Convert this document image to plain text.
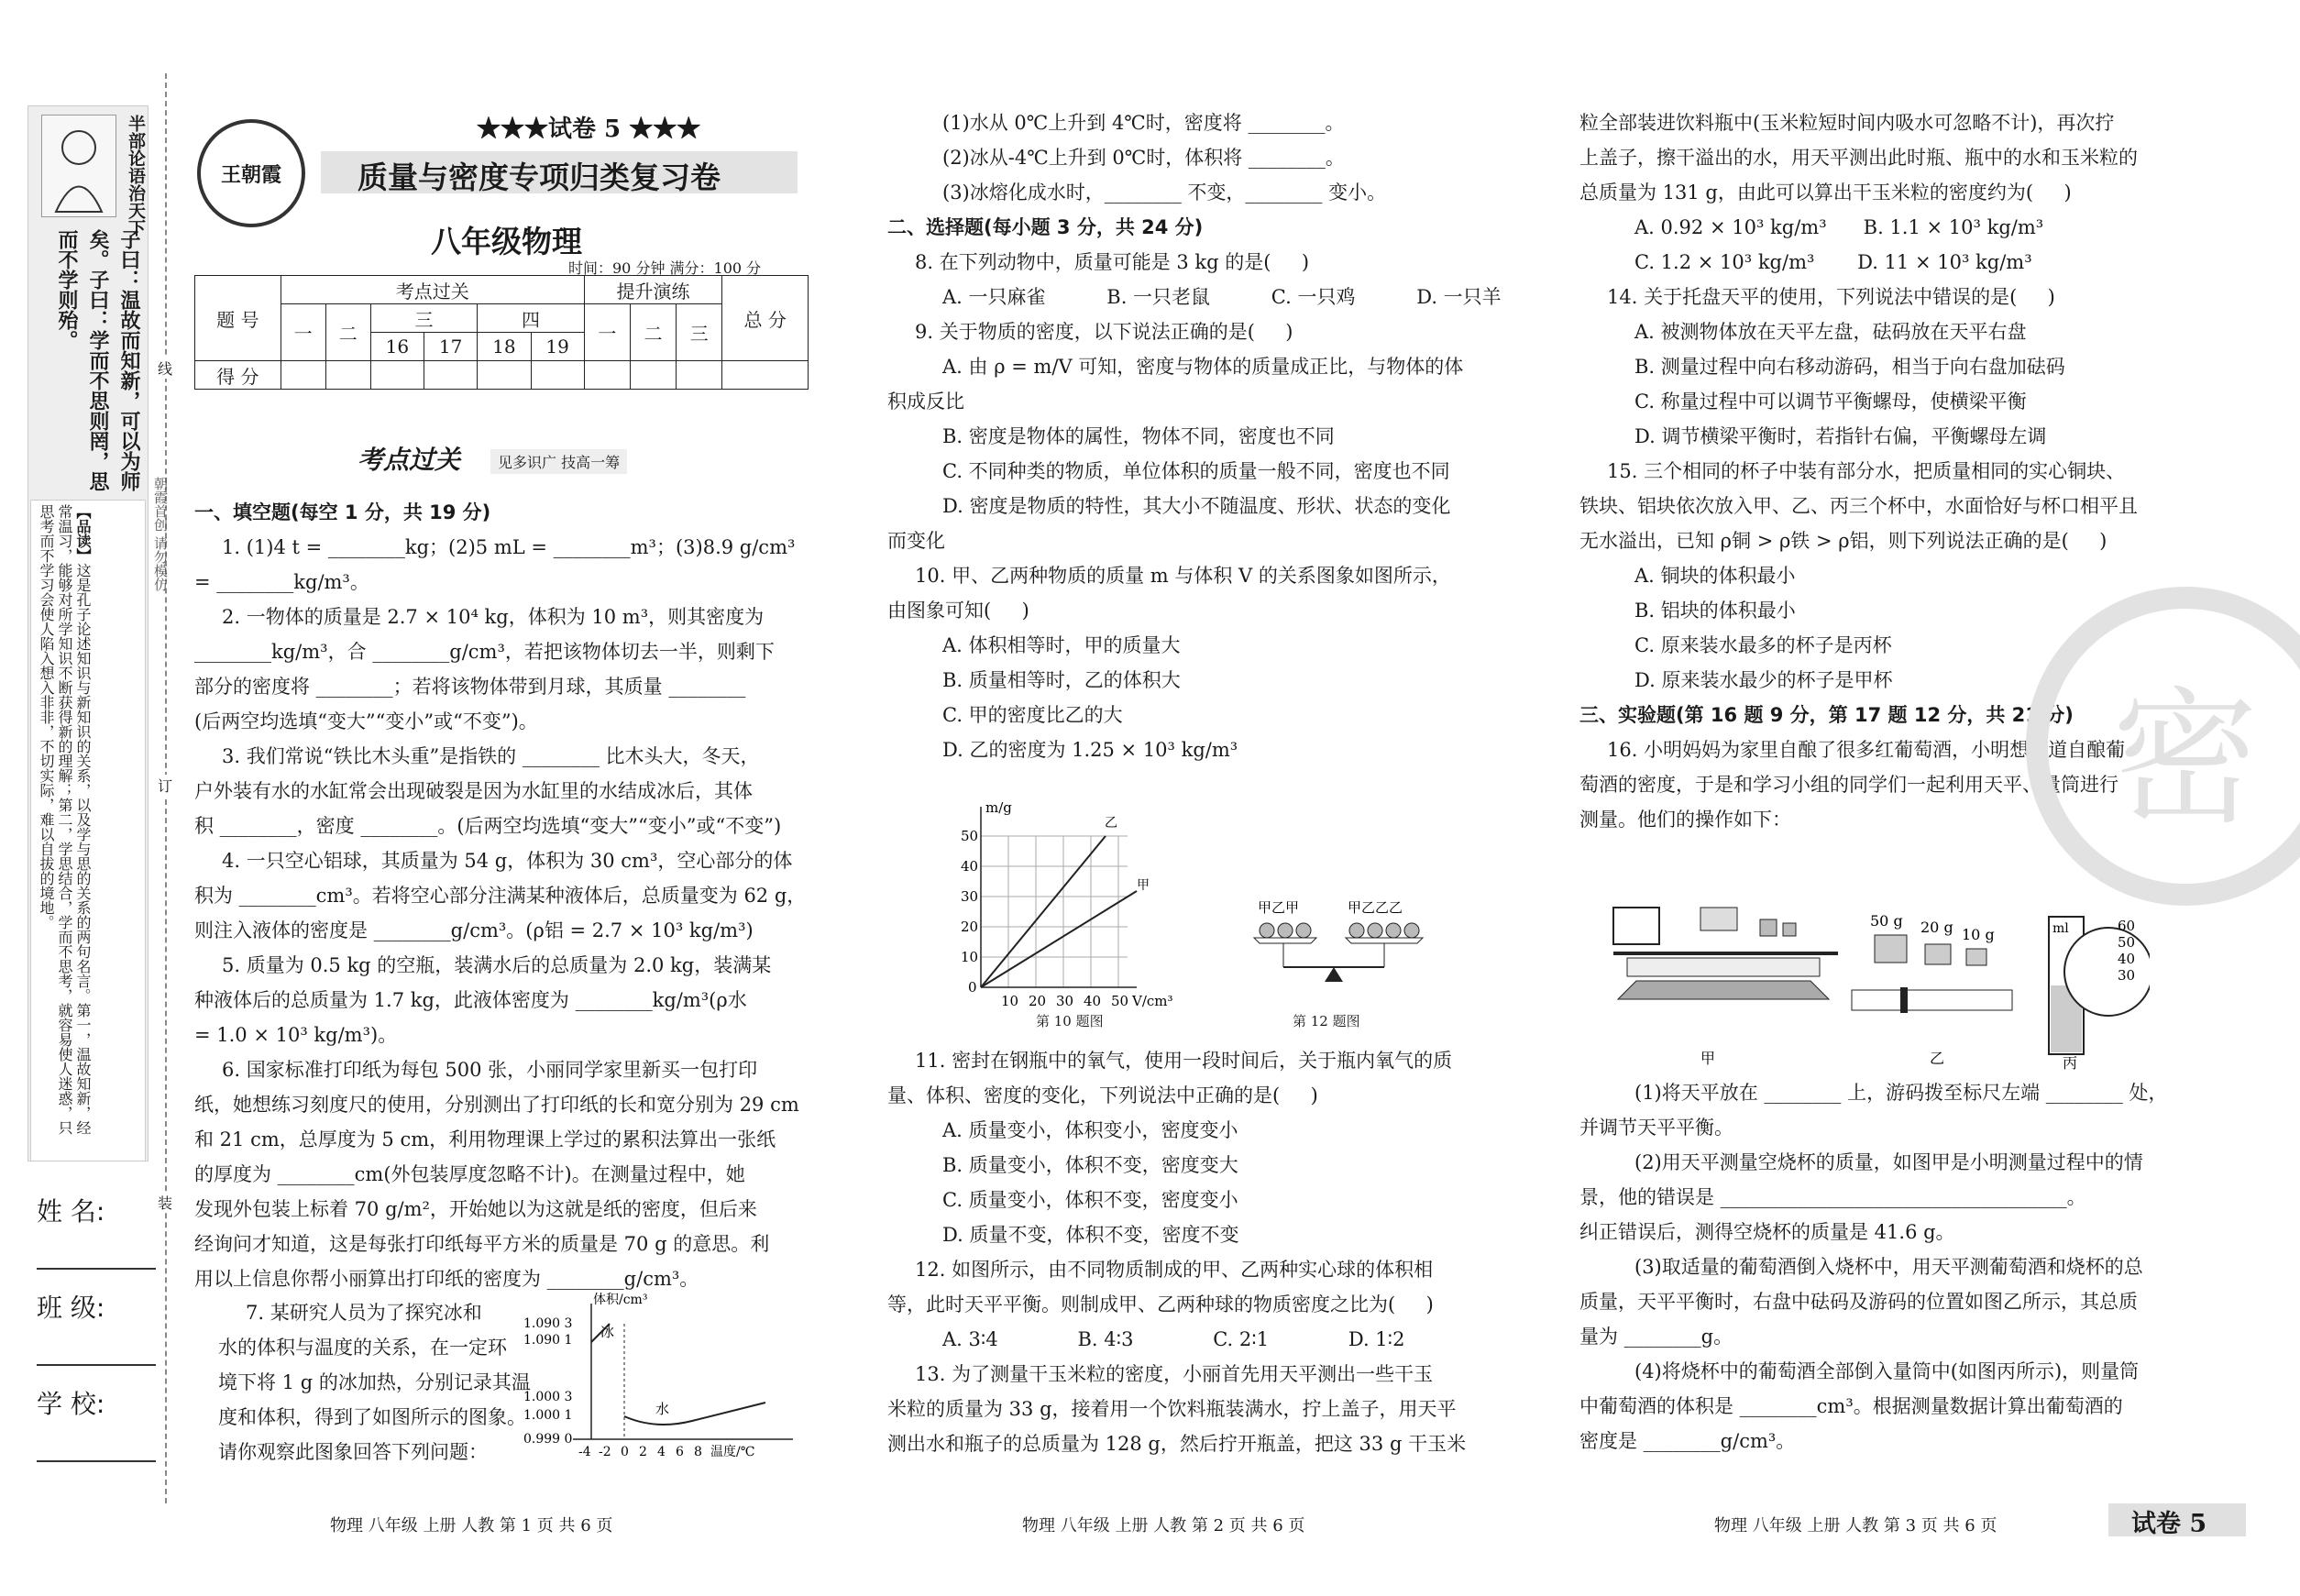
半部论语治天下
子曰：温故而知新，可以为师矣。子曰：学而不思则罔，思而不学则殆。
【品读】这是孔子论述知识与新知识的关系，以及学与思的关系的两句名言。第一，温故知新，经常温习，能够对所学知识不断获得新的理解；第二，学思结合，学而不思考，就容易使人迷惑，只思考而不学习会使人陷入想入非非，不切实际，难以自拔的境地。
姓 名:
班 级:
学 校:
线
订
装
朝霞首创 请勿模仿
王朝霞
★★★试卷 5 ★★★
质量与密度专项归类复习卷
八年级物理
时间：90 分钟 满分：100 分
题 号	考点过关						提升演练			总 分
	一	二	三		四		一	二	三	
			16	17	18	19				
得 分										
考点过关	见多识广 技高一筹

一、填空题(每空 1 分，共 19 分)

1. (1)4 t = ________kg；(2)5 mL = ________m³；(3)8.9 g/cm³

= ________kg/m³。

2. 一物体的质量是 2.7 × 10⁴ kg，体积为 10 m³，则其密度为

________kg/m³，合 ________g/cm³，若把该物体切去一半，则剩下

部分的密度将 ________；若将该物体带到月球，其质量 ________

(后两空均选填“变大”“变小”或“不变”)。

3. 我们常说“铁比木头重”是指铁的 ________ 比木头大，冬天，

户外装有水的水缸常会出现破裂是因为水缸里的水结成冰后，其体

积 ________，密度 ________。(后两空均选填“变大”“变小”或“不变”)

4. 一只空心铝球，其质量为 54 g，体积为 30 cm³，空心部分的体

积为 ________cm³。若将空心部分注满某种液体后，总质量变为 62 g，

则注入液体的密度是 ________g/cm³。(ρ铝 = 2.7 × 10³ kg/m³)

5. 质量为 0.5 kg 的空瓶，装满水后的总质量为 2.0 kg，装满某

种液体后的总质量为 1.7 kg，此液体密度为 ________kg/m³(ρ水

= 1.0 × 10³ kg/m³)。

6. 国家标准打印纸为每包 500 张，小丽同学家里新买一包打印

纸，她想练习刻度尺的使用，分别测出了打印纸的长和宽分别为 29 cm

和 21 cm，总厚度为 5 cm，利用物理课上学过的累积法算出一张纸

的厚度为 ________cm(外包装厚度忽略不计)。在测量过程中，她

发现外包装上标着 70 g/m²，开始她以为这就是纸的密度，但后来

经询问才知道，这是每张打印纸每平方米的质量是 70 g 的意思。利

用以上信息你帮小丽算出打印纸的密度为 ________g/cm³。

7. 某研究人员为了探究冰和

水的体积与温度的关系，在一定环

境下将 1 g 的冰加热，分别记录其温

度和体积，得到了如图所示的图象。

请你观察此图象回答下列问题：

体积/cm³
1.090 3
1.090 1
1.000 3
1.000 1
0.999 0
冰
水
-4 -2 0 2 4 6 8 温度/℃

(1)水从 0℃上升到 4℃时，密度将 ________。

(2)冰从-4℃上升到 0℃时，体积将 ________。

(3)冰熔化成水时，________ 不变，________ 变小。

二、选择题(每小题 3 分，共 24 分)

8. 在下列动物中，质量可能是 3 kg 的是(     )

A. 一只麻雀          B. 一只老鼠          C. 一只鸡          D. 一只羊

9. 关于物质的密度，以下说法正确的是(     )

A. 由 ρ = m/V 可知，密度与物体的质量成正比，与物体的体

积成反比

B. 密度是物体的属性，物体不同，密度也不同

C. 不同种类的物质，单位体积的质量一般不同，密度也不同

D. 密度是物质的特性，其大小不随温度、形状、状态的变化

而变化

10. 甲、乙两种物质的质量 m 与体积 V 的关系图象如图所示，

由图象可知(     )

A. 体积相等时，甲的质量大

B. 质量相等时，乙的体积大

C. 甲的密度比乙的大

D. 乙的密度为 1.25 × 10³ kg/m³

m/g
乙
甲
50
40
30
20
10
0
10 20 30 40 50 V/cm³
第 10 题图
甲乙甲	甲乙乙乙
第 12 题图

11. 密封在钢瓶中的氧气，使用一段时间后，关于瓶内氧气的质

量、体积、密度的变化，下列说法中正确的是(     )

A. 质量变小，体积变小，密度变小

B. 质量变小，体积不变，密度变大

C. 质量变小，体积不变，密度变小

D. 质量不变，体积不变，密度不变

12. 如图所示，由不同物质制成的甲、乙两种实心球的体积相

等，此时天平平衡。则制成甲、乙两种球的物质密度之比为(     )

A. 3∶4             B. 4∶3             C. 2∶1             D. 1∶2

13. 为了测量干玉米粒的密度，小丽首先用天平测出一些干玉

米粒的质量为 33 g，接着用一个饮料瓶装满水，拧上盖子，用天平

测出水和瓶子的总质量为 128 g，然后拧开瓶盖，把这 33 g 干玉米

粒全部装进饮料瓶中(玉米粒短时间内吸水可忽略不计)，再次拧

上盖子，擦干溢出的水，用天平测出此时瓶、瓶中的水和玉米粒的

总质量为 131 g，由此可以算出干玉米粒的密度约为(     )

A. 0.92 × 10³ kg/m³      B. 1.1 × 10³ kg/m³

C. 1.2 × 10³ kg/m³       D. 11 × 10³ kg/m³

14. 关于托盘天平的使用，下列说法中错误的是(     )

A. 被测物体放在天平左盘，砝码放在天平右盘

B. 测量过程中向右移动游码，相当于向右盘加砝码

C. 称量过程中可以调节平衡螺母，使横梁平衡

D. 调节横梁平衡时，若指针右偏，平衡螺母左调

15. 三个相同的杯子中装有部分水，把质量相同的实心铜块、

铁块、铝块依次放入甲、乙、丙三个杯中，水面恰好与杯口相平且

无水溢出，已知 ρ铜 > ρ铁 > ρ铝，则下列说法正确的是(     )

A. 铜块的体积最小

B. 铝块的体积最小

C. 原来装水最多的杯子是丙杯

D. 原来装水最少的杯子是甲杯

三、实验题(第 16 题 9 分，第 17 题 12 分，共 21 分)

16. 小明妈妈为家里自酿了很多红葡萄酒，小明想知道自酿葡

萄酒的密度，于是和学习小组的同学们一起利用天平、量筒进行

测量。他们的操作如下：

50 g 20 g 10 g	ml	60
50
40
30
甲	乙	丙

(1)将天平放在 ________ 上，游码拨至标尺左端 ________ 处，

并调节天平平衡。

(2)用天平测量空烧杯的质量，如图甲是小明测量过程中的情

景，他的错误是 ____________________________________。

纠正错误后，测得空烧杯的质量是 41.6 g。

(3)取适量的葡萄酒倒入烧杯中，用天平测葡萄酒和烧杯的总

质量，天平平衡时，右盘中砝码及游码的位置如图乙所示，其总质

量为 ________g。

(4)将烧杯中的葡萄酒全部倒入量筒中(如图丙所示)，则量筒

中葡萄酒的体积是 ________cm³。根据测量数据计算出葡萄酒的

密度是 ________g/cm³。

密
物理 八年级 上册 人教 第 1 页 共 6 页	物理 八年级 上册 人教 第 2 页 共 6 页	物理 八年级 上册 人教 第 3 页 共 6 页	试卷 5
